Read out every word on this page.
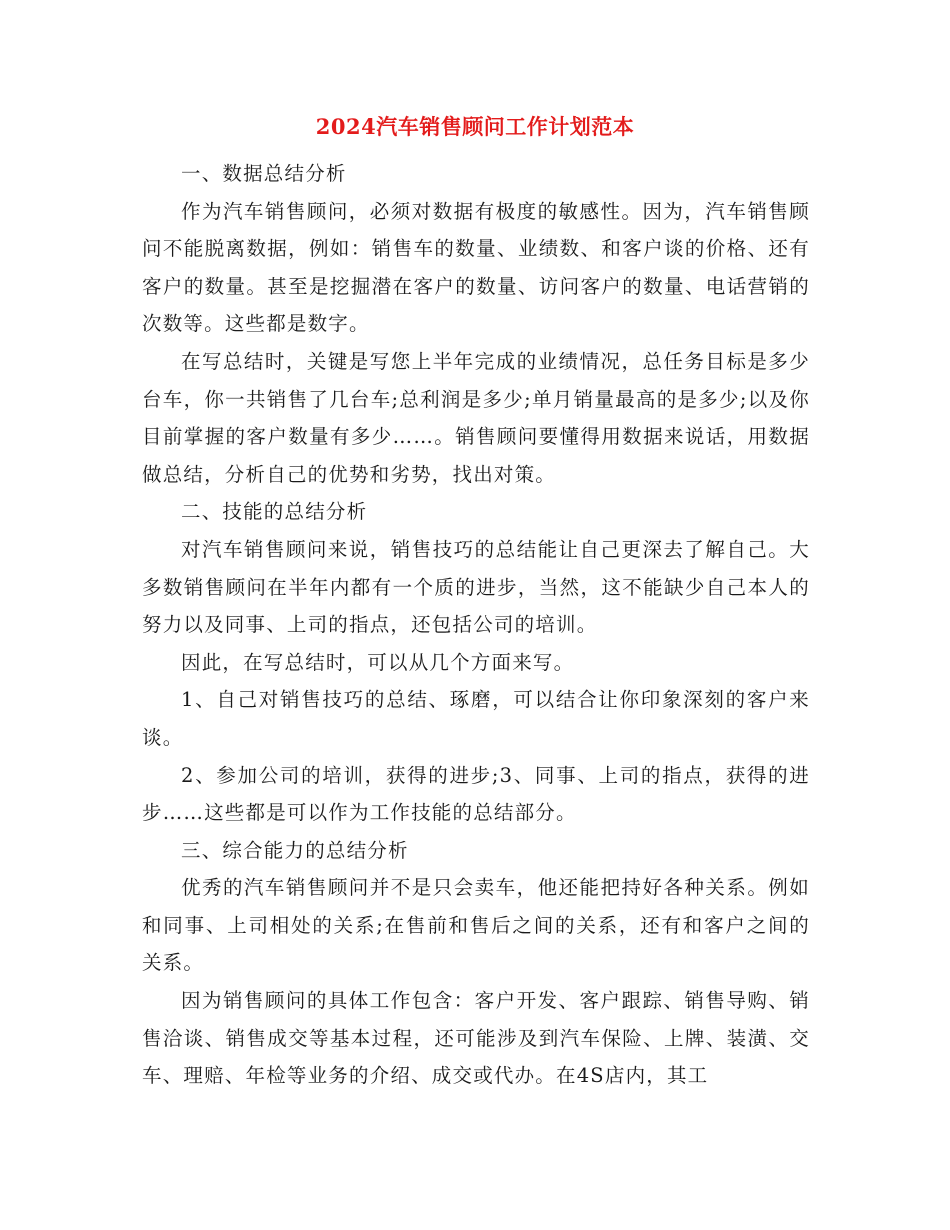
2024汽车销售顾问工作计划范本

一、数据总结分析

作为汽车销售顾问，必须对数据有极度的敏感性。因为，汽车销售顾问不能脱离数据，例如：销售车的数量、业绩数、和客户谈的价格、还有客户的数量。甚至是挖掘潜在客户的数量、访问客户的数量、电话营销的次数等。这些都是数字。

在写总结时，关键是写您上半年完成的业绩情况，总任务目标是多少台车，你一共销售了几台车;总利润是多少;单月销量最高的是多少;以及你目前掌握的客户数量有多少……。销售顾问要懂得用数据来说话，用数据做总结，分析自己的优势和劣势，找出对策。

二、技能的总结分析

对汽车销售顾问来说，销售技巧的总结能让自己更深去了解自己。大多数销售顾问在半年内都有一个质的进步，当然，这不能缺少自己本人的努力以及同事、上司的指点，还包括公司的培训。

因此，在写总结时，可以从几个方面来写。

1、自己对销售技巧的总结、琢磨，可以结合让你印象深刻的客户来谈。

2、参加公司的培训，获得的进步;3、同事、上司的指点，获得的进步……这些都是可以作为工作技能的总结部分。

三、综合能力的总结分析

优秀的汽车销售顾问并不是只会卖车，他还能把持好各种关系。例如和同事、上司相处的关系;在售前和售后之间的关系，还有和客户之间的关系。

因为销售顾问的具体工作包含：客户开发、客户跟踪、销售导购、销售洽谈、销售成交等基本过程，还可能涉及到汽车保险、上牌、装潢、交车、理赔、年检等业务的介绍、成交或代办。在4S店内，其工
